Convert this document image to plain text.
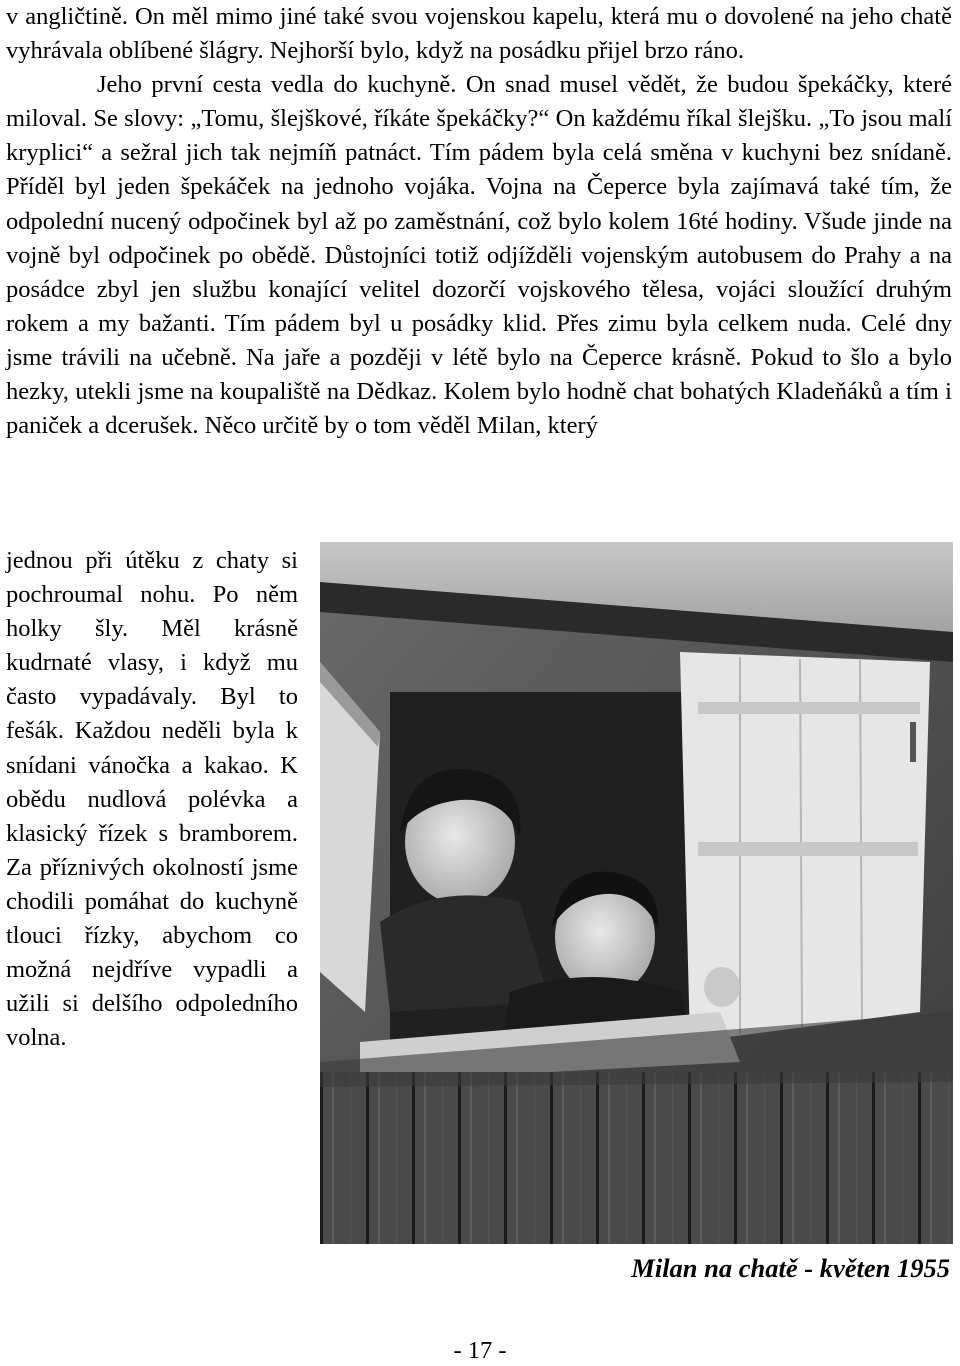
v angličtině. On měl mimo jiné také svou vojenskou kapelu, která mu o dovolené na jeho chatě vyhrávala oblíbené šlágry. Nejhorší bylo, když na posádku přijel brzo ráno.

Jeho první cesta vedla do kuchyně. On snad musel vědět, že budou špekáčky, které miloval. Se slovy: „Tomu, šlejškové, říkáte špekáčky?“ On každému říkal šlejšku. „To jsou malí kryplici“ a sežral jich tak nejmíň patnáct. Tím pádem byla celá směna v kuchyni bez snídaně. Příděl byl jeden špekáček na jednoho vojáka. Vojna na Čeperce byla zajímavá také tím, že odpolední nucený odpočinek byl až po zaměstnání, což bylo kolem 16té hodiny. Všude jinde na vojně byl odpočinek po obědě. Důstojníci totiž odjížděli vojenským autobusem do Prahy a na posádce zbyl jen službu konající velitel dozorčí vojskového tělesa, vojáci sloužící druhým rokem a my bažanti. Tím pádem byl u posádky klid. Přes zimu byla celkem nuda. Celé dny jsme trávili na učebně. Na jaře a později v létě bylo na Čeperce krásně. Pokud to šlo a bylo hezky, utekli jsme na koupaliště na Dědkaz. Kolem bylo hodně chat bohatých Kladeňáků a tím i paniček a dcerušek. Něco určitě by o tom věděl Milan, který

jednou při útěku z chaty si pochroumal nohu. Po něm holky šly. Měl krásně kudrnaté vlasy, i když mu často vypadávaly. Byl to fešák. Každou neděli byla k snídani vánočka a kakao. K obědu nudlová polévka a klasický řízek s bramborem. Za příznivých okolností jsme chodili pomáhat do kuchyně tlouci řízky, abychom co možná nejdříve vypadli a užili si delšího odpoledního volna.
Milan na chatě - květen 1955
- 17 -
